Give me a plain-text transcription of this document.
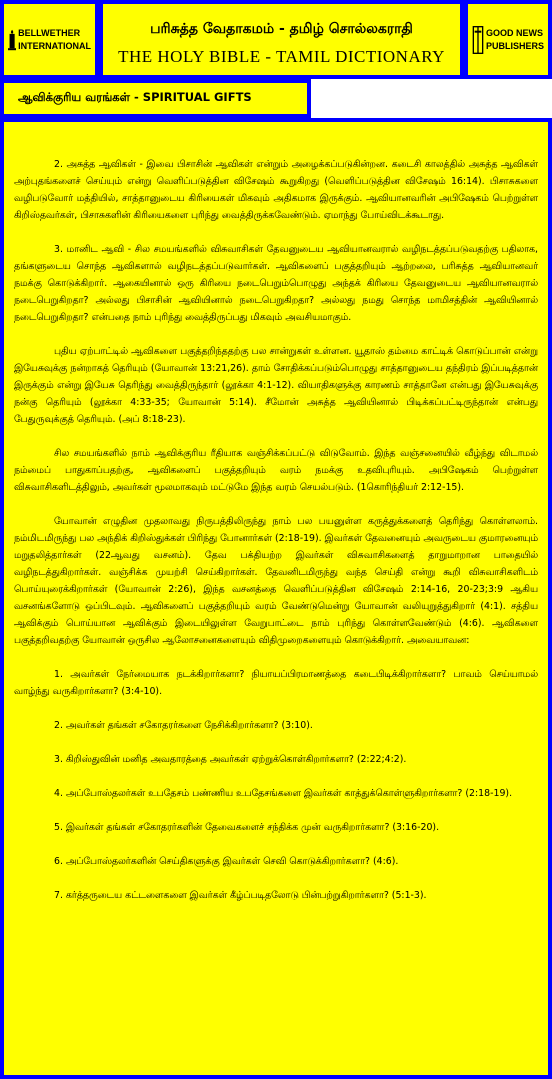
BELLWETHER
INTERNATIONAL
பரிசுத்த வேதாகமம் - தமிழ் சொல்லகராதி
THE HOLY BIBLE - TAMIL DICTIONARY
GOOD NEWS
PUBLISHERS
ஆவிக்குரிய வரங்கள் - SPIRITUAL GIFTS

2. அசுத்த ஆவிகள் - இவை பிசாசின் ஆவிகள் என்றும் அழைக்கப்படுகின்றன. கடைசி காலத்தில் அசுத்த ஆவிகள் அற்புதங்களைச் செய்யும் என்று வெளிப்படுத்தின விசேஷம் கூறுகிறது (வெளிப்படுத்தின விசேஷம் 16:14). பிசாசுகளை வழிபடுவோர் மத்தியில், சாத்தானுடைய கிரியைகள் மிகவும் அதிகமாக இருக்கும். ஆவியானவரின் அபிஷேகம் பெற்றுள்ள கிறிஸ்தவர்கள், பிசாசுகளின் கிரியைகளை புரிந்து வைத்திருக்கவேண்டும். ஏமாந்து போய்விடக்கூடாது.

3. மானிட ஆவி - சில சமயங்களில் விசுவாசிகள் தேவனுடைய ஆவியானவரால் வழிநடத்தப்படுவதற்கு பதிலாக, தங்களுடைய சொந்த ஆவிகளால் வழிநடத்தப்படுவார்கள். ஆவிகளைப் பகுத்தறியும் ஆற்றலை, பரிசுத்த ஆவியானவர் நமக்கு கொடுக்கிறார். ஆகையினால் ஒரு கிரியை நடைபெறும்பொழுது அந்தக் கிரியை தேவனுடைய ஆவியானவரால் நடைபெறுகிறதா? அல்லது பிசாசின் ஆவியினால் நடைபெறுகிறதா? அல்லது நமது சொந்த மாமிசத்தின் ஆவியினால் நடைபெறுகிறதா? என்பதை நாம் புரிந்து வைத்திருப்பது மிகவும் அவசியமாகும்.

புதிய ஏற்பாட்டில் ஆவிகளை பகுத்தறிந்ததற்கு பல சான்றுகள் உள்ளன. யூதாஸ் தம்மை காட்டிக் கொடுப்பான் என்று இயேசுவுக்கு நன்றாகத் தெரியும் (யோவான் 13:21,26). தாம் சோதிக்கப்படும்பொழுது சாத்தானுடைய தந்திரம் இப்படித்தான் இருக்கும் என்று இயேசு தெரிந்து வைத்திருந்தார் (லூக்கா 4:1-12). வியாதிகளுக்கு காரணம் சாத்தானே என்பது இயேசுவுக்கு நன்கு தெரியும் (லூக்கா 4:33-35; யோவான் 5:14). சீமோன் அசுத்த ஆவியினால் பிடிக்கப்பட்டிருந்தான் என்பது பேதுருவுக்குத் தெரியும். (அப் 8:18-23).

சில சமயங்களில் நாம் ஆவிக்குரிய ரீதியாக வஞ்சிக்கப்பட்டு விடுவோம். இந்த வஞ்சனையில் வீழ்ந்து விடாமல் நம்மைப் பாதுகாப்பதற்கு, ஆவிகளைப் பகுத்தறியும் வரம் நமக்கு உதவிபுரியும். அபிஷேகம் பெற்றுள்ள விசுவாசிகளிடத்திலும், அவர்கள் மூலமாகவும் மட்டுமே இந்த வரம் செயல்படும். (1கொரிந்தியர் 2:12-15).

யோவான் எழுதின முதலாவது நிருபத்திலிருந்து நாம் பல பயனுள்ள கருத்துக்களைத் தெரிந்து கொள்ளலாம். நம்மிடமிருந்து பல அந்திக் கிறிஸ்துக்கள் பிரிந்து போனார்கள் (2:18-19). இவர்கள் தேவனையும் அவருடைய குமாரனையும் மறுதலித்தார்கள் (22ஆவது வசனம்). தேவ பக்தியற்ற இவர்கள் விசுவாசிகளைத் தாறுமாறான பாதையில் வழிநடத்துகிறார்கள். வஞ்சிக்க முயற்சி செய்கிறார்கள். தேவனிடமிருந்து வந்த செய்தி என்று கூறி விசுவாசிகளிடம் பொய்யுரைக்கிறார்கள் (யோவான் 2:26), இந்த வசனத்தை வெளிப்படுத்தின விசேஷம் 2:14-16, 20-23;3:9 ஆகிய வசனங்களோடு ஒப்பிடவும். ஆவிகளைப் பகுத்தறியும் வரம் வேண்டுமென்று யோவான் வலியுறுத்துகிறார் (4:1). சத்திய ஆவிக்கும் பொய்யான ஆவிக்கும் இடையிலுள்ள வேறுபாட்டை நாம் புரிந்து கொள்ளவேண்டும் (4:6). ஆவிகளை பகுத்தறிவதற்கு யோவான் ஒருசில ஆலோசனைகளையும் விதிமுறைகளையும் கொடுக்கிறார். அவையாவன:

1. அவர்கள் நேர்மையாக நடக்கிறார்களா? நியாயப்பிரமாணத்தை கடைபிடிக்கிறார்களா? பாவம் செய்யாமல் வாழ்ந்து வருகிறார்களா? (3:4-10).

2. அவர்கள் தங்கள் சகோதரர்களை நேசிக்கிறார்களா? (3:10).

3. கிறிஸ்துவின் மனித அவதாரத்தை அவர்கள் ஏற்றுக்கொள்கிறார்களா? (2:22;4:2).

4. அப்போஸ்தலர்கள் உபதேசம் பண்ணிய உபதேசங்களை இவர்கள் காத்துக்கொள்ளுகிறார்களா? (2:18-19).

5. இவர்கள் தங்கள் சகோதரர்களின் தேவைகளைச் சந்திக்க முன் வருகிறார்களா? (3:16-20).

6. அப்போஸ்தலர்களின் செய்திகளுக்கு இவர்கள் செவி கொடுக்கிறார்களா? (4:6).

7. கர்த்தருடைய கட்டளைகளை இவர்கள் கீழ்ப்படிதலோடு பின்பற்றுகிறார்களா? (5:1-3).
